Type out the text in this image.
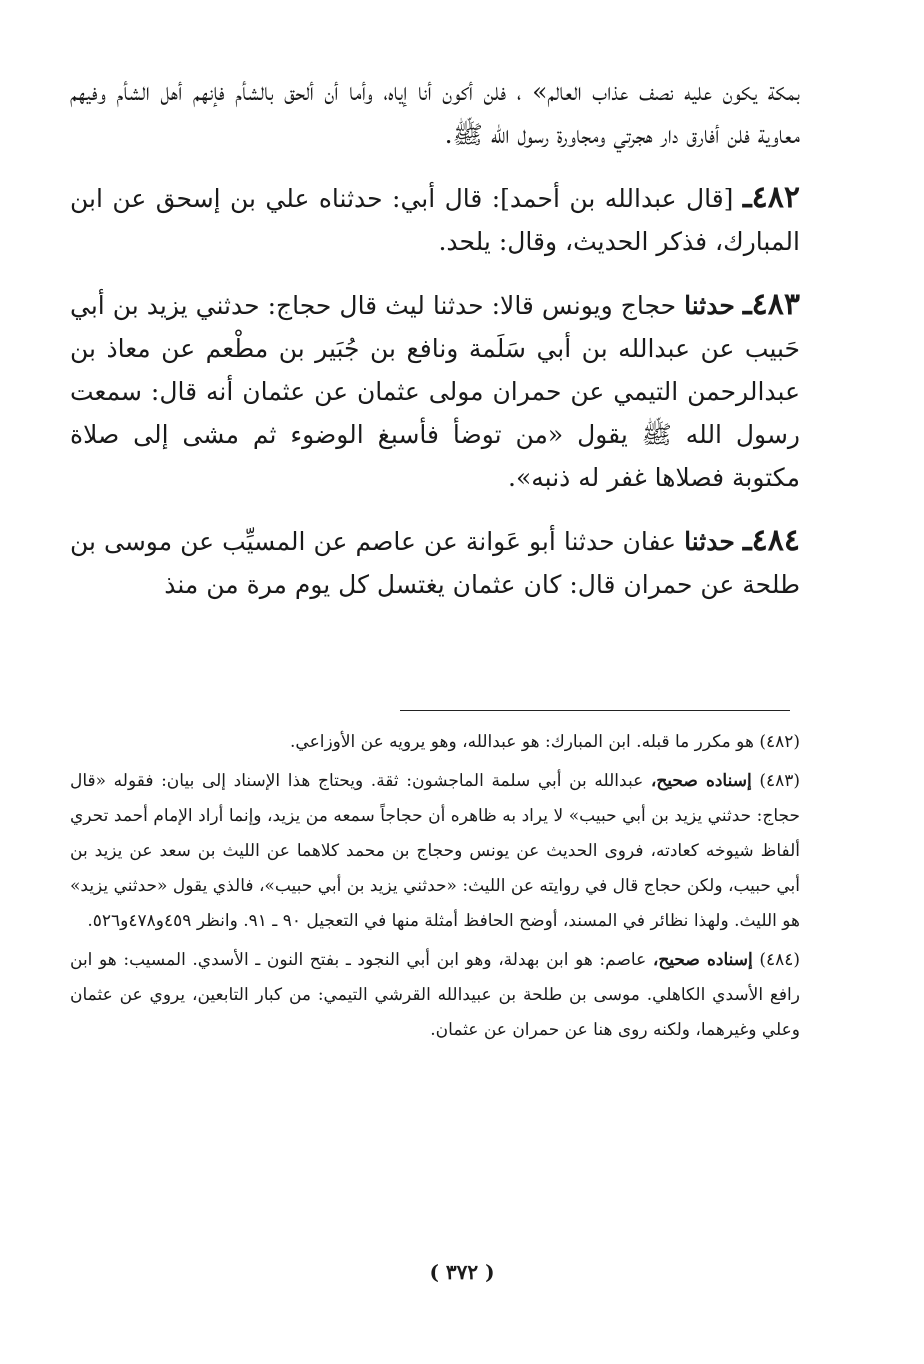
بمكة يكون عليه نصف عذاب العالم» ، فلن أكون أنا إياه، وأما أن ألحق بالشأم فإنهم أهل الشأم وفيهم معاوية فلن أفارق دار هجرتي ومجاورة رسول الله ﷺ.

٤٨٢ـ [قال عبدالله بن أحمد]: قال أبي: حدثناه علي بن إسحق عن ابن المبارك، فذكر الحديث، وقال: يلحد.

٤٨٣ـ حدثنا حجاج ويونس قالا: حدثنا ليث قال حجاج: حدثني يزيد بن أبي حَبيب عن عبدالله بن أبي سَلَمة ونافع بن جُبَير بن مطْعم عن معاذ بن عبدالرحمن التيمي عن حمران مولى عثمان عن عثمان أنه قال: سمعت رسول الله ﷺ يقول «من توضأ فأسبغ الوضوء ثم مشى إلى صلاة مكتوبة فصلاها غفر له ذنبه».

٤٨٤ـ حدثنا عفان حدثنا أبو عَوانة عن عاصم عن المسيِّب عن موسى بن طلحة عن حمران قال: كان عثمان يغتسل كل يوم مرة من منذ

(٤٨٢) هو مكرر ما قبله. ابن المبارك: هو عبدالله، وهو يرويه عن الأوزاعي.

(٤٨٣) إسناده صحيح، عبدالله بن أبي سلمة الماجشون: ثقة. ويحتاج هذا الإسناد إلى بيان: فقوله «قال حجاج: حدثني يزيد بن أبي حبيب» لا يراد به ظاهره أن حجاجاً سمعه من يزيد، وإنما أراد الإمام أحمد تحري ألفاظ شيوخه كعادته، فروى الحديث عن يونس وحجاج بن محمد كلاهما عن الليث بن سعد عن يزيد بن أبي حبيب، ولكن حجاج قال في روايته عن الليث: «حدثني يزيد بن أبي حبيب»، فالذي يقول «حدثني يزيد» هو الليث. ولهذا نظائر في المسند، أوضح الحافظ أمثلة منها في التعجيل ٩٠ ـ ٩١. وانظر ٤٥٩و٤٧٨و٥٢٦.

(٤٨٤) إسناده صحيح، عاصم: هو ابن بهدلة، وهو ابن أبي النجود ـ بفتح النون ـ الأسدي. المسيب: هو ابن رافع الأسدي الكاهلي. موسى بن طلحة بن عبيدالله القرشي التيمي: من كبار التابعين، يروي عن عثمان وعلي وغيرهما، ولكنه روى هنا عن حمران عن عثمان.

( ٣٧٢ )
